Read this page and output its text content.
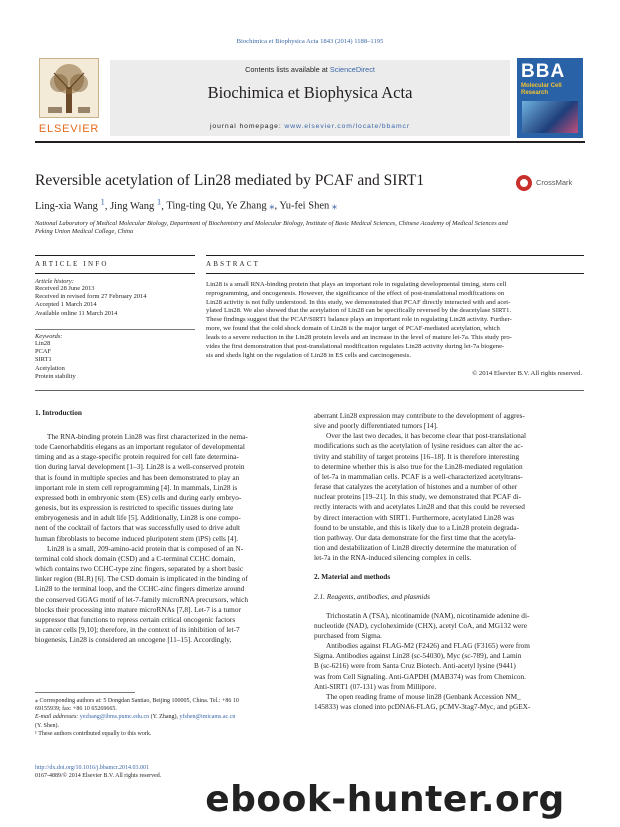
Biochimica et Biophysica Acta 1843 (2014) 1188–1195
ELSEVIER
Contents lists available at ScienceDirect
Biochimica et Biophysica Acta
journal homepage: www.elsevier.com/locate/bbamcr
BBA
Molecular Cell Research
Reversible acetylation of Lin28 mediated by PCAF and SIRT1	CrossMark
Ling-xia Wang $^1$, Jing Wang $^1$, Ting-ting Qu, Ye Zhang ⁎, Yu-fei Shen ⁎
National Laboratory of Medical Molecular Biology, Department of Biochemistry and Molecular Biology, Institute of Basic Medical Sciences, Chinese Academy of Medical Sciences and
Peking Union Medical College, China
ARTICLE INFO
Article history:
Received 28 June 2013
Received in revised form 27 February 2014
Accepted 1 March 2014
Available online 11 March 2014
Keywords:
Lin28
PCAF
SIRT1
Acetylation
Protein stability
ABSTRACT
Lin28 is a small RNA-binding protein that plays an important role in regulating developmental timing, stem cell
reprogramming, and oncogenesis. However, the significance of the effect of post-translational modifications on
Lin28 activity is not fully understood. In this study, we demonstrated that PCAF directly interacted with and acet-
ylated Lin28. We also showed that the acetylation of Lin28 can be specifically reversed by the deacetylase SIRT1.
These findings suggest that the PCAF/SIRT1 balance plays an important role in regulating Lin28 activity. Further-
more, we found that the cold shock domain of Lin28 is the major target of PCAF-mediated acetylation, which
leads to a severe reduction in the Lin28 protein levels and an increase in the level of mature let-7a. This study pro-
vides the first demonstration that post-translational modification regulates Lin28 activity during let-7a biogene-
sis and sheds light on the regulation of Lin28 in ES cells and carcinogenesis.
© 2014 Elsevier B.V. All rights reserved.
1. Introduction
The RNA-binding protein Lin28 was first characterized in the nema-
tode Caenorhabditis elegans as an important regulator of developmental
timing and as a stage-specific protein required for cell fate determina-
tion during larval development [1–3]. Lin28 is a well-conserved protein
that is found in multiple species and has been demonstrated to play an
important role in stem cell reprogramming [4]. In mammals, Lin28 is
expressed both in embryonic stem (ES) cells and during early embryo-
genesis, but its expression is restricted to specific tissues during late
embryogenesis and in adult life [5]. Additionally, Lin28 is one compo-
nent of the cocktail of factors that was successfully used to drive adult
human fibroblasts to become induced pluripotent stem (iPS) cells [4].
Lin28 is a small, 209-amino-acid protein that is composed of an N-
terminal cold shock domain (CSD) and a C-terminal CCHC domain,
which contains two CCHC-type zinc fingers, separated by a short basic
linker region (BLR) [6]. The CSD domain is implicated in the binding of
Lin28 to the terminal loop, and the CCHC-zinc fingers dimerize around
the conserved GGAG motif of let-7-family microRNA precursors, which
blocks their processing into mature microRNAs [7,8]. Let-7 is a tumor
suppressor that functions to repress certain critical oncogenic factors
in cancer cells [9,10]; therefore, in the context of its inhibition of let-7
biogenesis, Lin28 is considered an oncogene [11–15]. Accordingly,
⁎ Corresponding authors at: 5 Dongdan Santiao, Beijing 100005, China. Tel.: +86 10
69155939; fax: +86 10 65269665.
E-mail addresses: yezhang@ibms.pumc.edu.cn (Y. Zhang), yfshen@imicams.ac.cn
(Y. Shen).
¹ These authors contributed equally to this work.
http://dx.doi.org/10.1016/j.bbamcr.2014.03.001
0167-4889/© 2014 Elsevier B.V. All rights reserved.
aberrant Lin28 expression may contribute to the development of aggres-
sive and poorly differentiated tumors [14].
Over the last two decades, it has become clear that post-translational
modifications such as the acetylation of lysine residues can alter the ac-
tivity and stability of target proteins [16–18]. It is therefore interesting
to determine whether this is also true for the Lin28-mediated regulation
of let-7a in mammalian cells. PCAF is a well-characterized acetyltrans-
ferase that catalyzes the acetylation of histones and a number of other
nuclear proteins [19–21]. In this study, we demonstrated that PCAF di-
rectly interacts with and acetylates Lin28 and that this could be reversed
by direct interaction with SIRT1. Furthermore, acetylated Lin28 was
found to be unstable, and this is likely due to a Lin28 protein degrada-
tion pathway. Our data demonstrate for the first time that the acetyla-
tion and destabilization of Lin28 directly determine the maturation of
let-7a in the RNA-induced silencing complex in cells.
2. Material and methods
2.1. Reagents, antibodies, and plasmids
Trichostatin A (TSA), nicotinamide (NAM), nicotinamide adenine di-
nucleotide (NAD), cycloheximide (CHX), acetyl CoA, and MG132 were
purchased from Sigma.
Antibodies against FLAG-M2 (F2426) and FLAG (F3165) were from
Sigma. Antibodies against Lin28 (sc-54030), Myc (sc-789), and Lamin
B (sc-6216) were from Santa Cruz Biotech. Anti-acetyl lysine (9441)
was from Cell Signaling. Anti-GAPDH (MAB374) was from Chemicon.
Anti-SIRT1 (07-131) was from Millipore.
The open reading frame of mouse lin28 (Genbank Accession NM_
145833) was cloned into pcDNA6-FLAG, pCMV-3tag7-Myc, and pGEX-
ebook-hunter.org
